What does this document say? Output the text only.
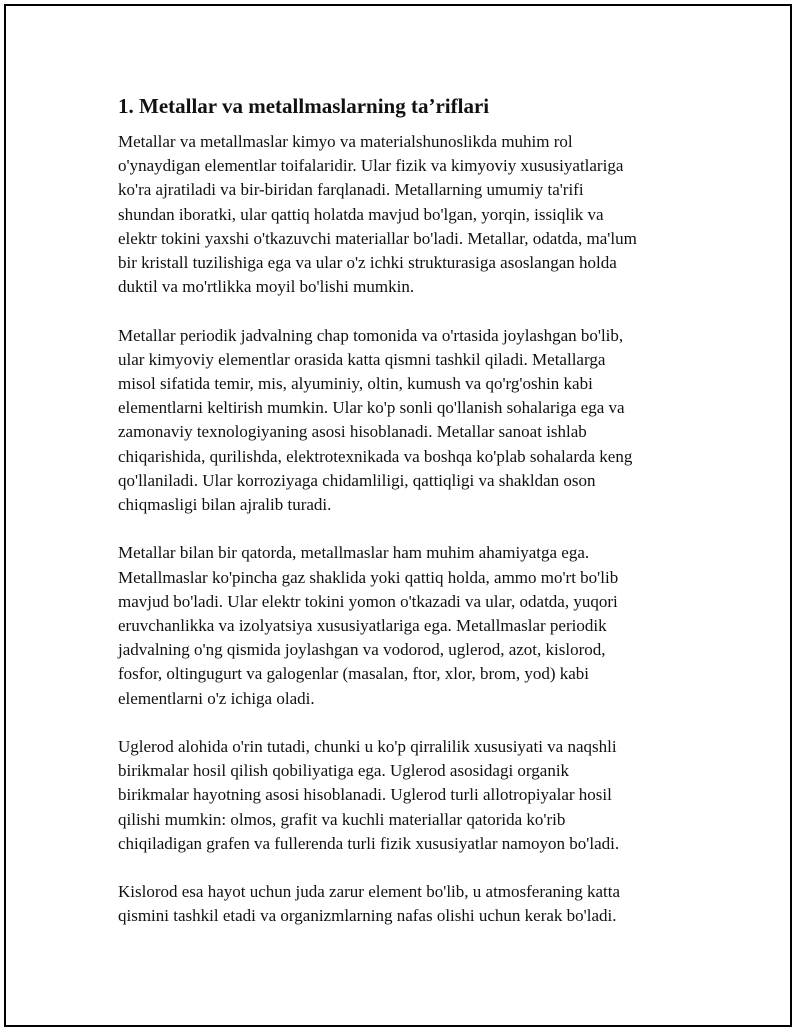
1. Metallar va metallmaslarning ta’riflari

Metallar va metallmaslar kimyo va materialshunoslikda muhim rol
o'ynaydigan elementlar toifalaridir. Ular fizik va kimyoviy xususiyatlariga
ko'ra ajratiladi va bir-biridan farqlanadi. Metallarning umumiy ta'rifi
shundan iboratki, ular qattiq holatda mavjud bo'lgan, yorqin, issiqlik va
elektr tokini yaxshi o'tkazuvchi materiallar bo'ladi. Metallar, odatda, ma'lum
bir kristall tuzilishiga ega va ular o'z ichki strukturasiga asoslangan holda
duktil va mo'rtlikka moyil bo'lishi mumkin.

Metallar periodik jadvalning chap tomonida va o'rtasida joylashgan bo'lib,
ular kimyoviy elementlar orasida katta qismni tashkil qiladi. Metallarga
misol sifatida temir, mis, alyuminiy, oltin, kumush va qo'rg'oshin kabi
elementlarni keltirish mumkin. Ular ko'p sonli qo'llanish sohalariga ega va
zamonaviy texnologiyaning asosi hisoblanadi. Metallar sanoat ishlab
chiqarishida, qurilishda, elektrotexnikada va boshqa ko'plab sohalarda keng
qo'llaniladi. Ular korroziyaga chidamliligi, qattiqligi va shakldan oson
chiqmasligi bilan ajralib turadi.

Metallar bilan bir qatorda, metallmaslar ham muhim ahamiyatga ega.
Metallmaslar ko'pincha gaz shaklida yoki qattiq holda, ammo mo'rt bo'lib
mavjud bo'ladi. Ular elektr tokini yomon o'tkazadi va ular, odatda, yuqori
eruvchanlikka va izolyatsiya xususiyatlariga ega. Metallmaslar periodik
jadvalning o'ng qismida joylashgan va vodorod, uglerod, azot, kislorod,
fosfor, oltingugurt va galogenlar (masalan, ftor, xlor, brom, yod) kabi
elementlarni o'z ichiga oladi.

Uglerod alohida o'rin tutadi, chunki u ko'p qirralilik xususiyati va naqshli
birikmalar hosil qilish qobiliyatiga ega. Uglerod asosidagi organik
birikmalar hayotning asosi hisoblanadi. Uglerod turli allotropiyalar hosil
qilishi mumkin: olmos, grafit va kuchli materiallar qatorida ko'rib
chiqiladigan grafen va fullerenda turli fizik xususiyatlar namoyon bo'ladi.

Kislorod esa hayot uchun juda zarur element bo'lib, u atmosferaning katta
qismini tashkil etadi va organizmlarning nafas olishi uchun kerak bo'ladi.
